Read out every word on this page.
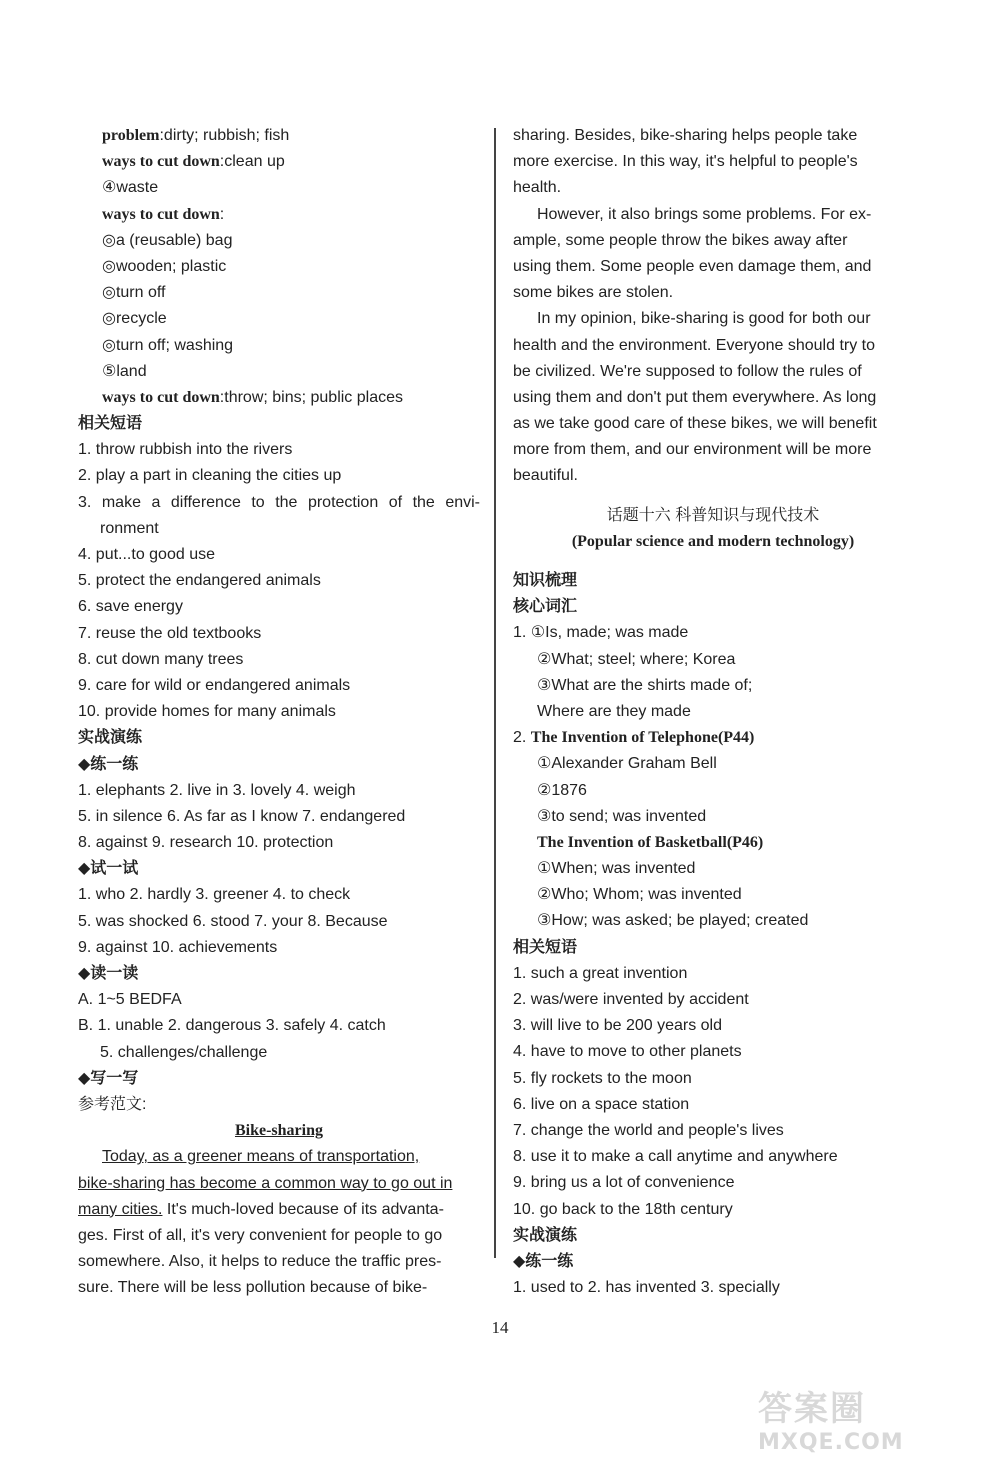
problem:dirty; rubbish; fish
ways to cut down:clean up
④waste
ways to cut down:
◎a (reusable) bag
◎wooden; plastic
◎turn off
◎recycle
◎turn off; washing
⑤land
ways to cut down:throw; bins; public places
相关短语
1. throw rubbish into the rivers
2. play a part in cleaning the cities up
3. make a difference to the protection of the envi-
ronment
4. put...to good use
5. protect the endangered animals
6. save energy
7. reuse the old textbooks
8. cut down many trees
9. care for wild or endangered animals
10. provide homes for many animals
实战演练
◆练一练
1. elephants 2. live in 3. lovely 4. weigh
5. in silence 6. As far as I know 7. endangered
8. against 9. research 10. protection
◆试一试
1. who 2. hardly 3. greener 4. to check
5. was shocked 6. stood 7. your 8. Because
9. against 10. achievements
◆读一读
A. 1~5 BEDFA
B. 1. unable 2. dangerous 3. safely 4. catch
5. challenges/challenge
◆写一写
参考范文:
Bike-sharing
Today, as a greener means of transportation,
bike-sharing has become a common way to go out in
many cities. It's much-loved because of its advanta-
ges. First of all, it's very convenient for people to go
somewhere. Also, it helps to reduce the traffic pres-
sure. There will be less pollution because of bike-
sharing. Besides, bike-sharing helps people take
more exercise. In this way, it's helpful to people's
health.
However, it also brings some problems. For ex-
ample, some people throw the bikes away after
using them. Some people even damage them, and
some bikes are stolen.
In my opinion, bike-sharing is good for both our
health and the environment. Everyone should try to
be civilized. We're supposed to follow the rules of
using them and don't put them everywhere. As long
as we take good care of these bikes, we will benefit
more from them, and our environment will be more
beautiful.
话题十六 科普知识与现代技术
(Popular science and modern technology)
知识梳理
核心词汇
1. ①Is, made; was made
②What; steel; where; Korea
③What are the shirts made of;
Where are they made
2. The Invention of Telephone(P44)
①Alexander Graham Bell
②1876
③to send; was invented
The Invention of Basketball(P46)
①When; was invented
②Who; Whom; was invented
③How; was asked; be played; created
相关短语
1. such a great invention
2. was/were invented by accident
3. will live to be 200 years old
4. have to move to other planets
5. fly rockets to the moon
6. live on a space station
7. change the world and people's lives
8. use it to make a call anytime and anywhere
9. bring us a lot of convenience
10. go back to the 18th century
实战演练
◆练一练
1. used to 2. has invented 3. specially
14
答案圈
MXQE.COM
